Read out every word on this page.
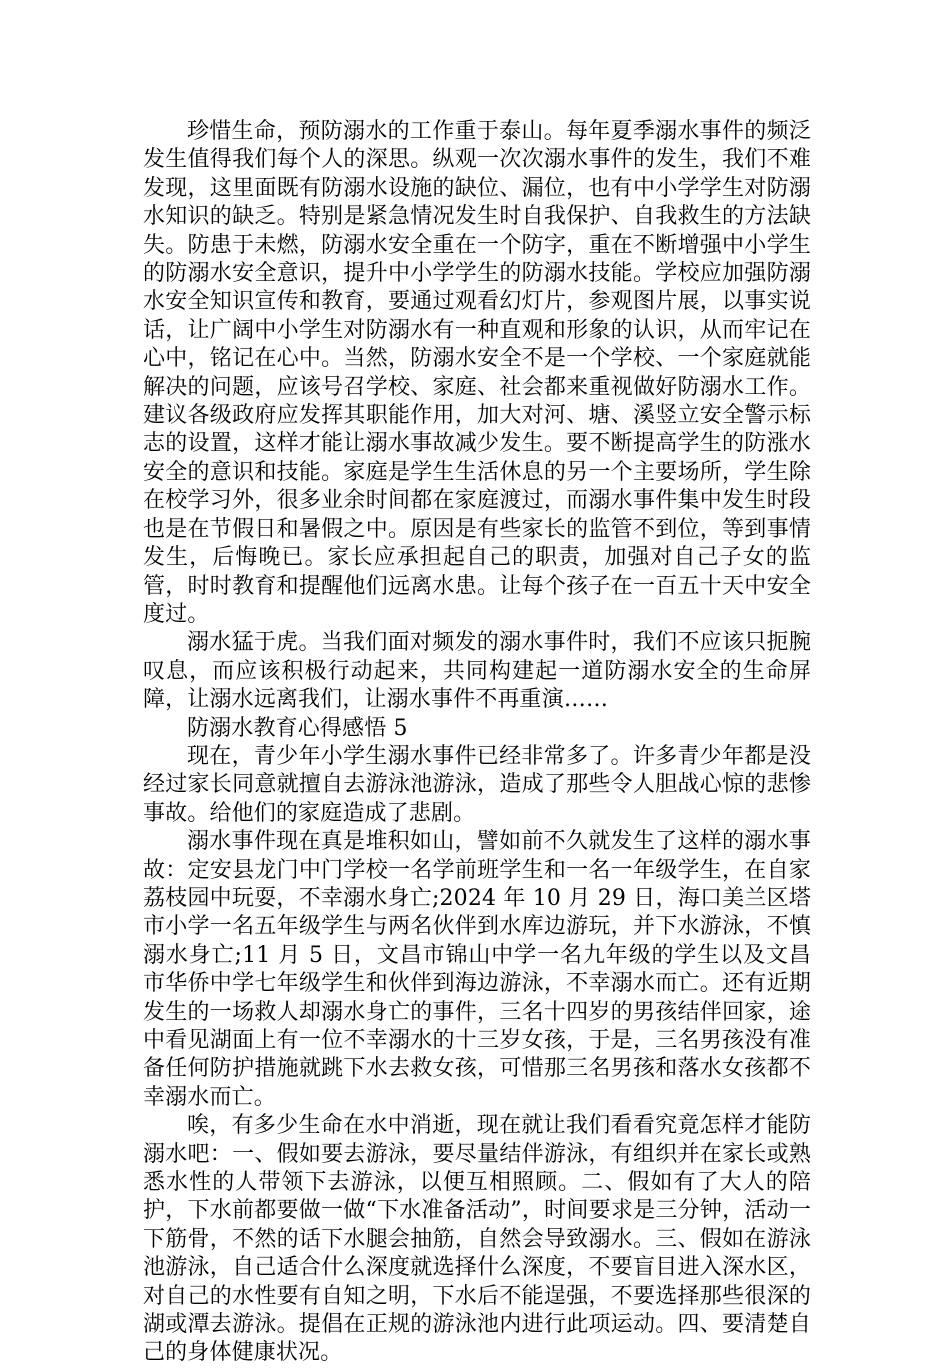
珍惜生命，预防溺水的工作重于泰山。每年夏季溺水事件的频泛发生值得我们每个人的深思。纵观一次次溺水事件的发生，我们不难发现，这里面既有防溺水设施的缺位、漏位，也有中小学学生对防溺水知识的缺乏。特别是紧急情况发生时自我保护、自我救生的方法缺失。防患于未燃，防溺水安全重在一个防字，重在不断增强中小学生的防溺水安全意识，提升中小学学生的防溺水技能。学校应加强防溺水安全知识宣传和教育，要通过观看幻灯片，参观图片展，以事实说话，让广阔中小学生对防溺水有一种直观和形象的认识，从而牢记在心中，铭记在心中。当然，防溺水安全不是一个学校、一个家庭就能解决的问题，应该号召学校、家庭、社会都来重视做好防溺水工作。建议各级政府应发挥其职能作用，加大对河、塘、溪竖立安全警示标志的设置，这样才能让溺水事故减少发生。要不断提高学生的防涨水安全的意识和技能。家庭是学生生活休息的另一个主要场所，学生除在校学习外，很多业余时间都在家庭渡过，而溺水事件集中发生时段也是在节假日和暑假之中。原因是有些家长的监管不到位，等到事情发生，后悔晚已。家长应承担起自己的职责，加强对自己子女的监管，时时教育和提醒他们远离水患。让每个孩子在一百五十天中安全度过。

溺水猛于虎。当我们面对频发的溺水事件时，我们不应该只扼腕叹息，而应该积极行动起来，共同构建起一道防溺水安全的生命屏障，让溺水远离我们，让溺水事件不再重演……

防溺水教育心得感悟 5

现在，青少年小学生溺水事件已经非常多了。许多青少年都是没经过家长同意就擅自去游泳池游泳，造成了那些令人胆战心惊的悲惨事故。给他们的家庭造成了悲剧。

溺水事件现在真是堆积如山，譬如前不久就发生了这样的溺水事故：定安县龙门中门学校一名学前班学生和一名一年级学生，在自家荔枝园中玩耍，不幸溺水身亡;2024 年 10 月 29 日，海口美兰区塔市小学一名五年级学生与两名伙伴到水库边游玩，并下水游泳，不慎溺水身亡;11 月 5 日，文昌市锦山中学一名九年级的学生以及文昌市华侨中学七年级学生和伙伴到海边游泳，不幸溺水而亡。还有近期发生的一场救人却溺水身亡的事件，三名十四岁的男孩结伴回家，途中看见湖面上有一位不幸溺水的十三岁女孩，于是，三名男孩没有准备任何防护措施就跳下水去救女孩，可惜那三名男孩和落水女孩都不幸溺水而亡。

唉，有多少生命在水中消逝，现在就让我们看看究竟怎样才能防溺水吧：一、假如要去游泳，要尽量结伴游泳，有组织并在家长或熟悉水性的人带领下去游泳，以便互相照顾。二、假如有了大人的陪护，下水前都要做一做“下水准备活动”，时间要求是三分钟，活动一下筋骨，不然的话下水腿会抽筋，自然会导致溺水。三、假如在游泳池游泳，自己适合什么深度就选择什么深度，不要盲目进入深水区，对自己的水性要有自知之明，下水后不能逞强，不要选择那些很深的湖或潭去游泳。提倡在正规的游泳池内进行此项运动。四、要清楚自己的身体健康状况。
